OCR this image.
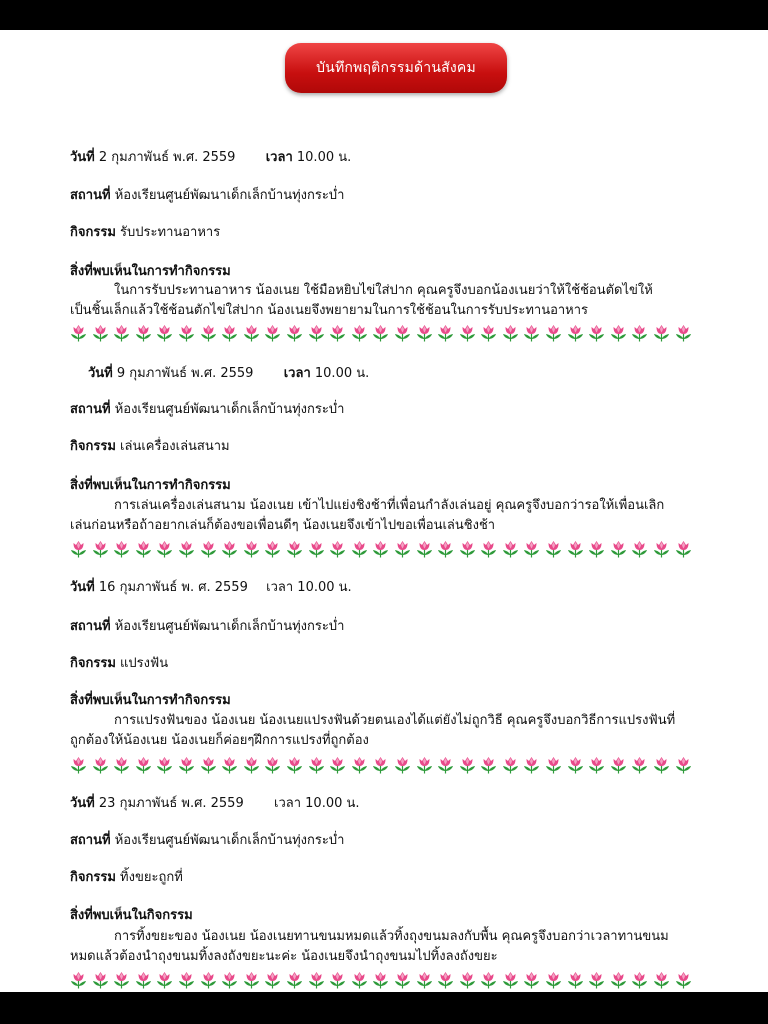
บันทึกพฤติกรรมด้านสังคม
วันที่ 2 กุมภาพันธ์ พ.ศ. 2559 เวลา 10.00 น.
สถานที่ ห้องเรียนศูนย์พัฒนาเด็กเล็กบ้านทุ่งกระบ่ำ
กิจกรรม รับประทานอาหาร
สิ่งที่พบเห็นในการทำกิจกรรม
ในการรับประทานอาหาร น้องเนย ใช้มือหยิบไข่ใส่ปาก คุณครูจึงบอกน้องเนยว่าให้ใช้ช้อนตัดไข่ให้
เป็นชิ้นเล็กแล้วใช้ช้อนตักไข่ใส่ปาก น้องเนยจึงพยายามในการใช้ช้อนในการรับประทานอาหาร
วันที่ 9 กุมภาพันธ์ พ.ศ. 2559 เวลา 10.00 น.
สถานที่ ห้องเรียนศูนย์พัฒนาเด็กเล็กบ้านทุ่งกระบ่ำ
กิจกรรม เล่นเครื่องเล่นสนาม
สิ่งที่พบเห็นในการทำกิจกรรม
การเล่นเครื่องเล่นสนาม น้องเนย เข้าไปแย่งชิงช้าที่เพื่อนกำลังเล่นอยู่ คุณครูจึงบอกว่ารอให้เพื่อนเลิก
เล่นก่อนหรือถ้าอยากเล่นก็ต้องขอเพื่อนดีๆ น้องเนยจึงเข้าไปขอเพื่อนเล่นชิงช้า
วันที่ 16 กุมภาพันธ์ พ. ศ. 2559 เวลา 10.00 น.
สถานที่ ห้องเรียนศูนย์พัฒนาเด็กเล็กบ้านทุ่งกระบ่ำ
กิจกรรม แปรงฟัน
สิ่งที่พบเห็นในการทำกิจกรรม
การแปรงฟันของ น้องเนย น้องเนยแปรงฟันด้วยตนเองได้แต่ยังไม่ถูกวิธี คุณครูจึงบอกวิธีการแปรงฟันที่
ถูกต้องให้น้องเนย น้องเนยก็ค่อยๆฝึกการแปรงที่ถูกต้อง
วันที่ 23 กุมภาพันธ์ พ.ศ. 2559 เวลา 10.00 น.
สถานที่ ห้องเรียนศูนย์พัฒนาเด็กเล็กบ้านทุ่งกระบ่ำ
กิจกรรม ทิ้งขยะถูกที่
สิ่งที่พบเห็นในกิจกรรม
การทิ้งขยะของ น้องเนย น้องเนยทานขนมหมดแล้วทิ้งถุงขนมลงกับพื้น คุณครูจึงบอกว่าเวลาทานขนม
หมดแล้วต้องนำถุงขนมทิ้งลงถังขยะนะค่ะ น้องเนยจึงนำถุงขนมไปทิ้งลงถังขยะ
